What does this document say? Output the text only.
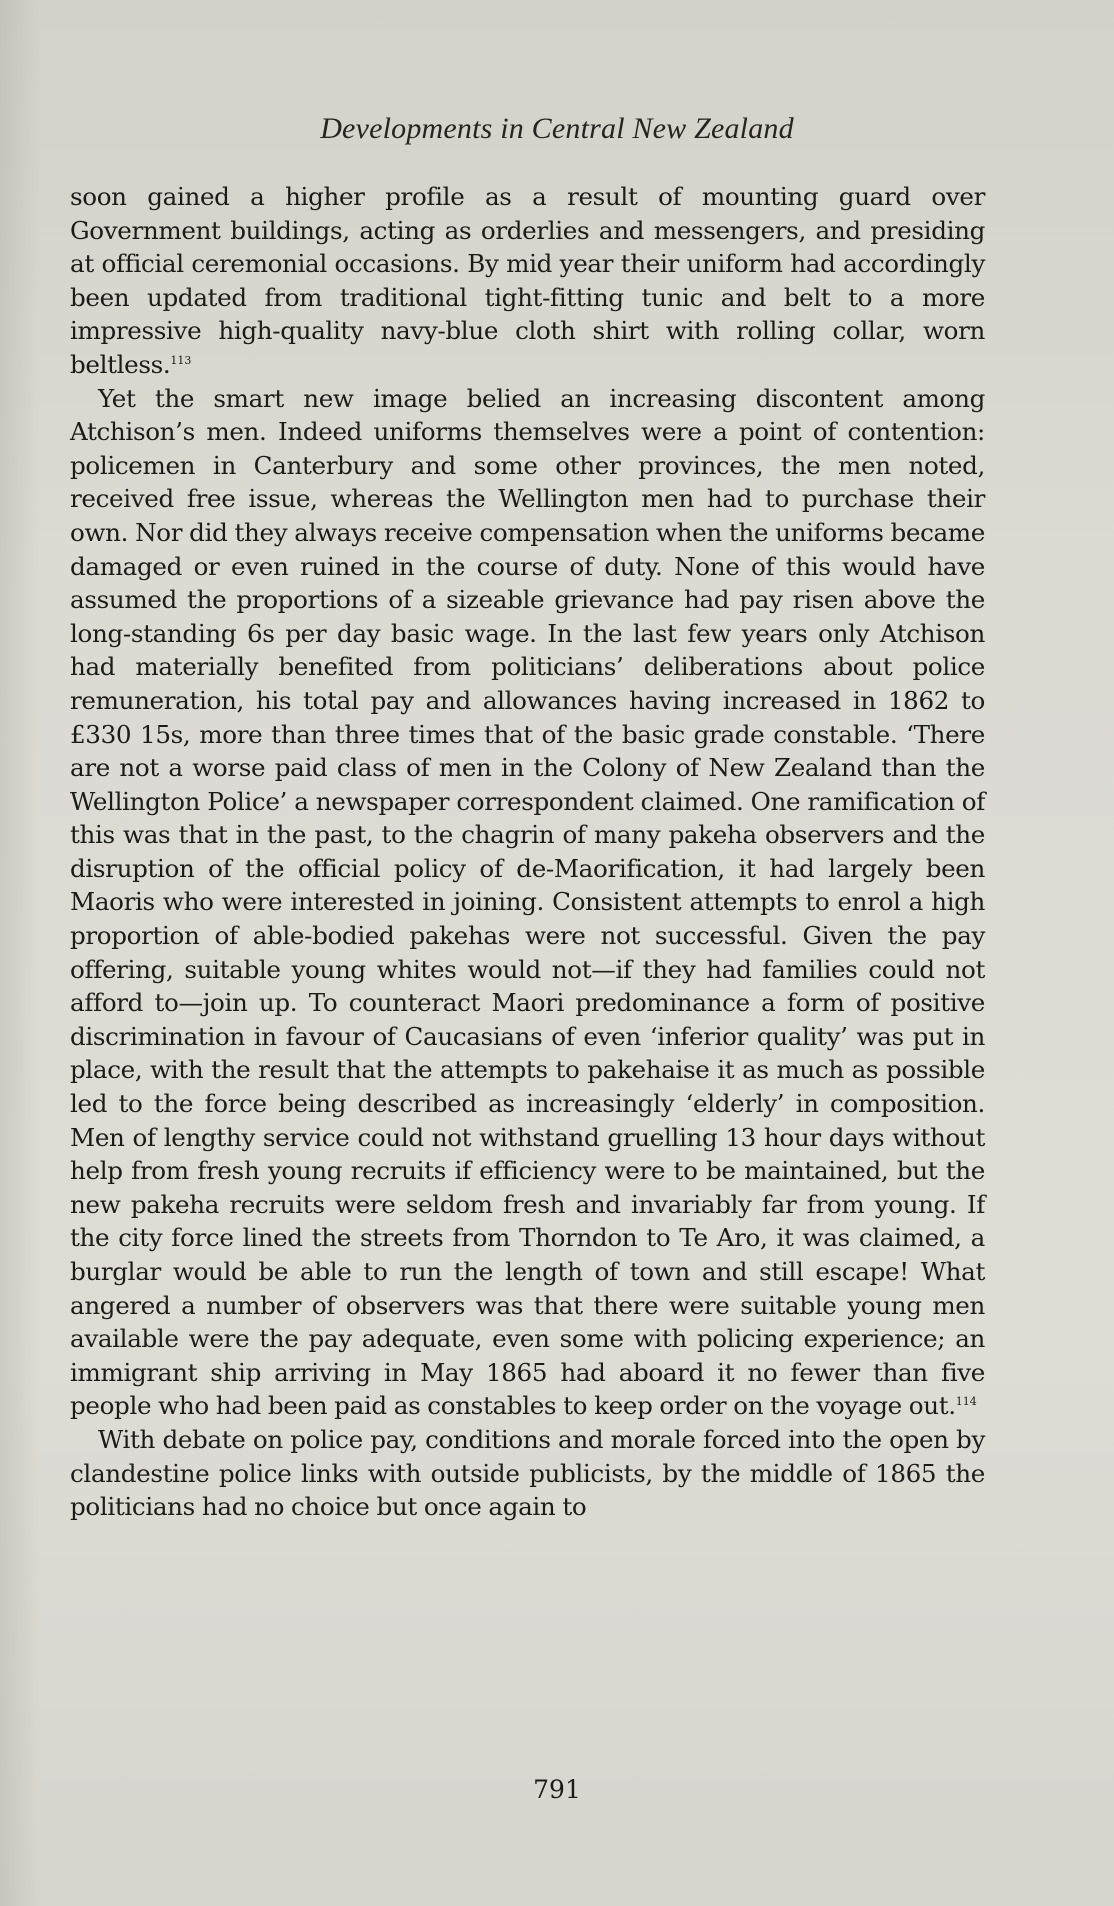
Developments in Central New Zealand

soon gained a higher profile as a result of mounting guard over Government buildings, acting as orderlies and messengers, and presiding at official ceremonial occasions. By mid year their uniform had accordingly been updated from traditional tight-fitting tunic and belt to a more impressive high-quality navy-blue cloth shirt with rolling collar, worn beltless.$^{113}$

Yet the smart new image belied an increasing discontent among Atchison’s men. Indeed uniforms themselves were a point of contention: policemen in Canterbury and some other provinces, the men noted, received free issue, whereas the Wellington men had to purchase their own. Nor did they always receive compensation when the uniforms became damaged or even ruined in the course of duty. None of this would have assumed the proportions of a sizeable grievance had pay risen above the long-standing 6s per day basic wage. In the last few years only Atchison had materially benefited from politicians’ deliberations about police remuneration, his total pay and allowances having increased in 1862 to £330 15s, more than three times that of the basic grade constable. ‘There are not a worse paid class of men in the Colony of New Zealand than the Wellington Police’ a newspaper correspondent claimed. One ramification of this was that in the past, to the chagrin of many pakeha observers and the disruption of the official policy of de-Maorification, it had largely been Maoris who were interested in joining. Consistent attempts to enrol a high proportion of able-bodied pakehas were not successful. Given the pay offering, suitable young whites would not—if they had families could not afford to—join up. To counteract Maori predominance a form of positive discrimination in favour of Caucasians of even ‘inferior quality’ was put in place, with the result that the attempts to pakehaise it as much as possible led to the force being described as increasingly ‘elderly’ in composition. Men of lengthy service could not withstand gruelling 13 hour days without help from fresh young recruits if efficiency were to be maintained, but the new pakeha recruits were seldom fresh and invariably far from young. If the city force lined the streets from Thorndon to Te Aro, it was claimed, a burglar would be able to run the length of town and still escape! What angered a number of observers was that there were suitable young men available were the pay adequate, even some with policing experience; an immigrant ship arriving in May 1865 had aboard it no fewer than five people who had been paid as constables to keep order on the voyage out.$^{114}$

With debate on police pay, conditions and morale forced into the open by clandestine police links with outside publicists, by the middle of 1865 the politicians had no choice but once again to

791
